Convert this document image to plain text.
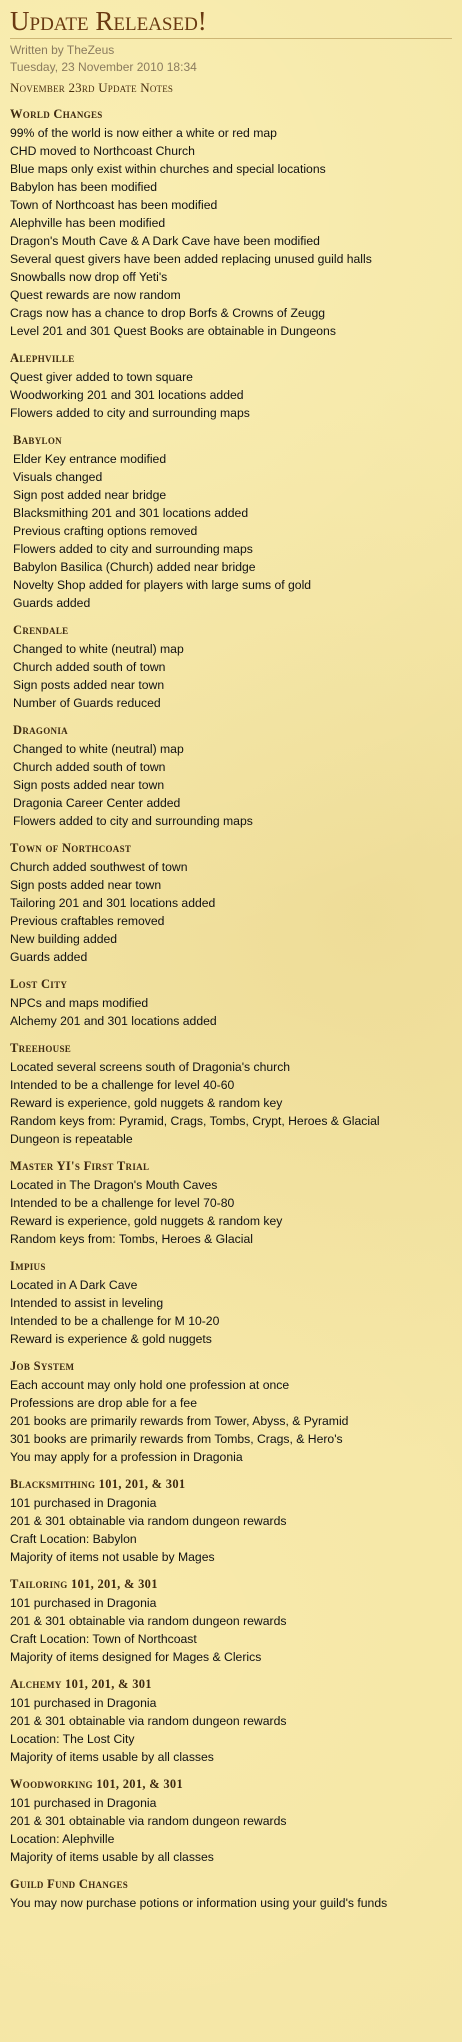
Update Released!
Written by TheZeus
Tuesday, 23 November 2010 18:34
November 23rd Update Notes
World Changes
99% of the world is now either a white or red map
CHD moved to Northcoast Church
Blue maps only exist within churches and special locations
Babylon has been modified
Town of Northcoast has been modified
Alephville has been modified
Dragon's Mouth Cave & A Dark Cave have been modified
Several quest givers have been added replacing unused guild halls
Snowballs now drop off Yeti's
Quest rewards are now random
Crags now has a chance to drop Borfs & Crowns of Zeugg
Level 201 and 301 Quest Books are obtainable in Dungeons
Alephville
Quest giver added to town square
Woodworking 201 and 301 locations added
Flowers added to city and surrounding maps
Babylon
Elder Key entrance modified
Visuals changed
Sign post added near bridge
Blacksmithing 201 and 301 locations added
Previous crafting options removed
Flowers added to city and surrounding maps
Babylon Basilica (Church) added near bridge
Novelty Shop added for players with large sums of gold
Guards added
Crendale
Changed to white (neutral) map
Church added south of town
Sign posts added near town
Number of Guards reduced
Dragonia
Changed to white (neutral) map
Church added south of town
Sign posts added near town
Dragonia Career Center added
Flowers added to city and surrounding maps
Town of Northcoast
Church added southwest of town
Sign posts added near town
Tailoring 201 and 301 locations added
Previous craftables removed
New building added
Guards added
Lost City
NPCs and maps modified
Alchemy 201 and 301 locations added
Treehouse
Located several screens south of Dragonia's church
Intended to be a challenge for level 40-60
Reward is experience, gold nuggets & random key
Random keys from: Pyramid, Crags, Tombs, Crypt, Heroes & Glacial
Dungeon is repeatable
Master YI's First Trial
Located in The Dragon's Mouth Caves
Intended to be a challenge for level 70-80
Reward is experience, gold nuggets & random key
Random keys from: Tombs, Heroes & Glacial
Impius
Located in A Dark Cave
Intended to assist in leveling
Intended to be a challenge for M 10-20
Reward is experience & gold nuggets
Job System
Each account may only hold one profession at once
Professions are drop able for a fee
201 books are primarily rewards from Tower, Abyss, & Pyramid
301 books are primarily rewards from Tombs, Crags, & Hero's
You may apply for a profession in Dragonia
Blacksmithing 101, 201, & 301
101 purchased in Dragonia
201 & 301 obtainable via random dungeon rewards
Craft Location: Babylon
Majority of items not usable by Mages
Tailoring 101, 201, & 301
101 purchased in Dragonia
201 & 301 obtainable via random dungeon rewards
Craft Location: Town of Northcoast
Majority of items designed for Mages & Clerics
Alchemy 101, 201, & 301
101 purchased in Dragonia
201 & 301 obtainable via random dungeon rewards
Location: The Lost City
Majority of items usable by all classes
Woodworking 101, 201, & 301
101 purchased in Dragonia
201 & 301 obtainable via random dungeon rewards
Location: Alephville
Majority of items usable by all classes
Guild Fund Changes
You may now purchase potions or information using your guild's funds
